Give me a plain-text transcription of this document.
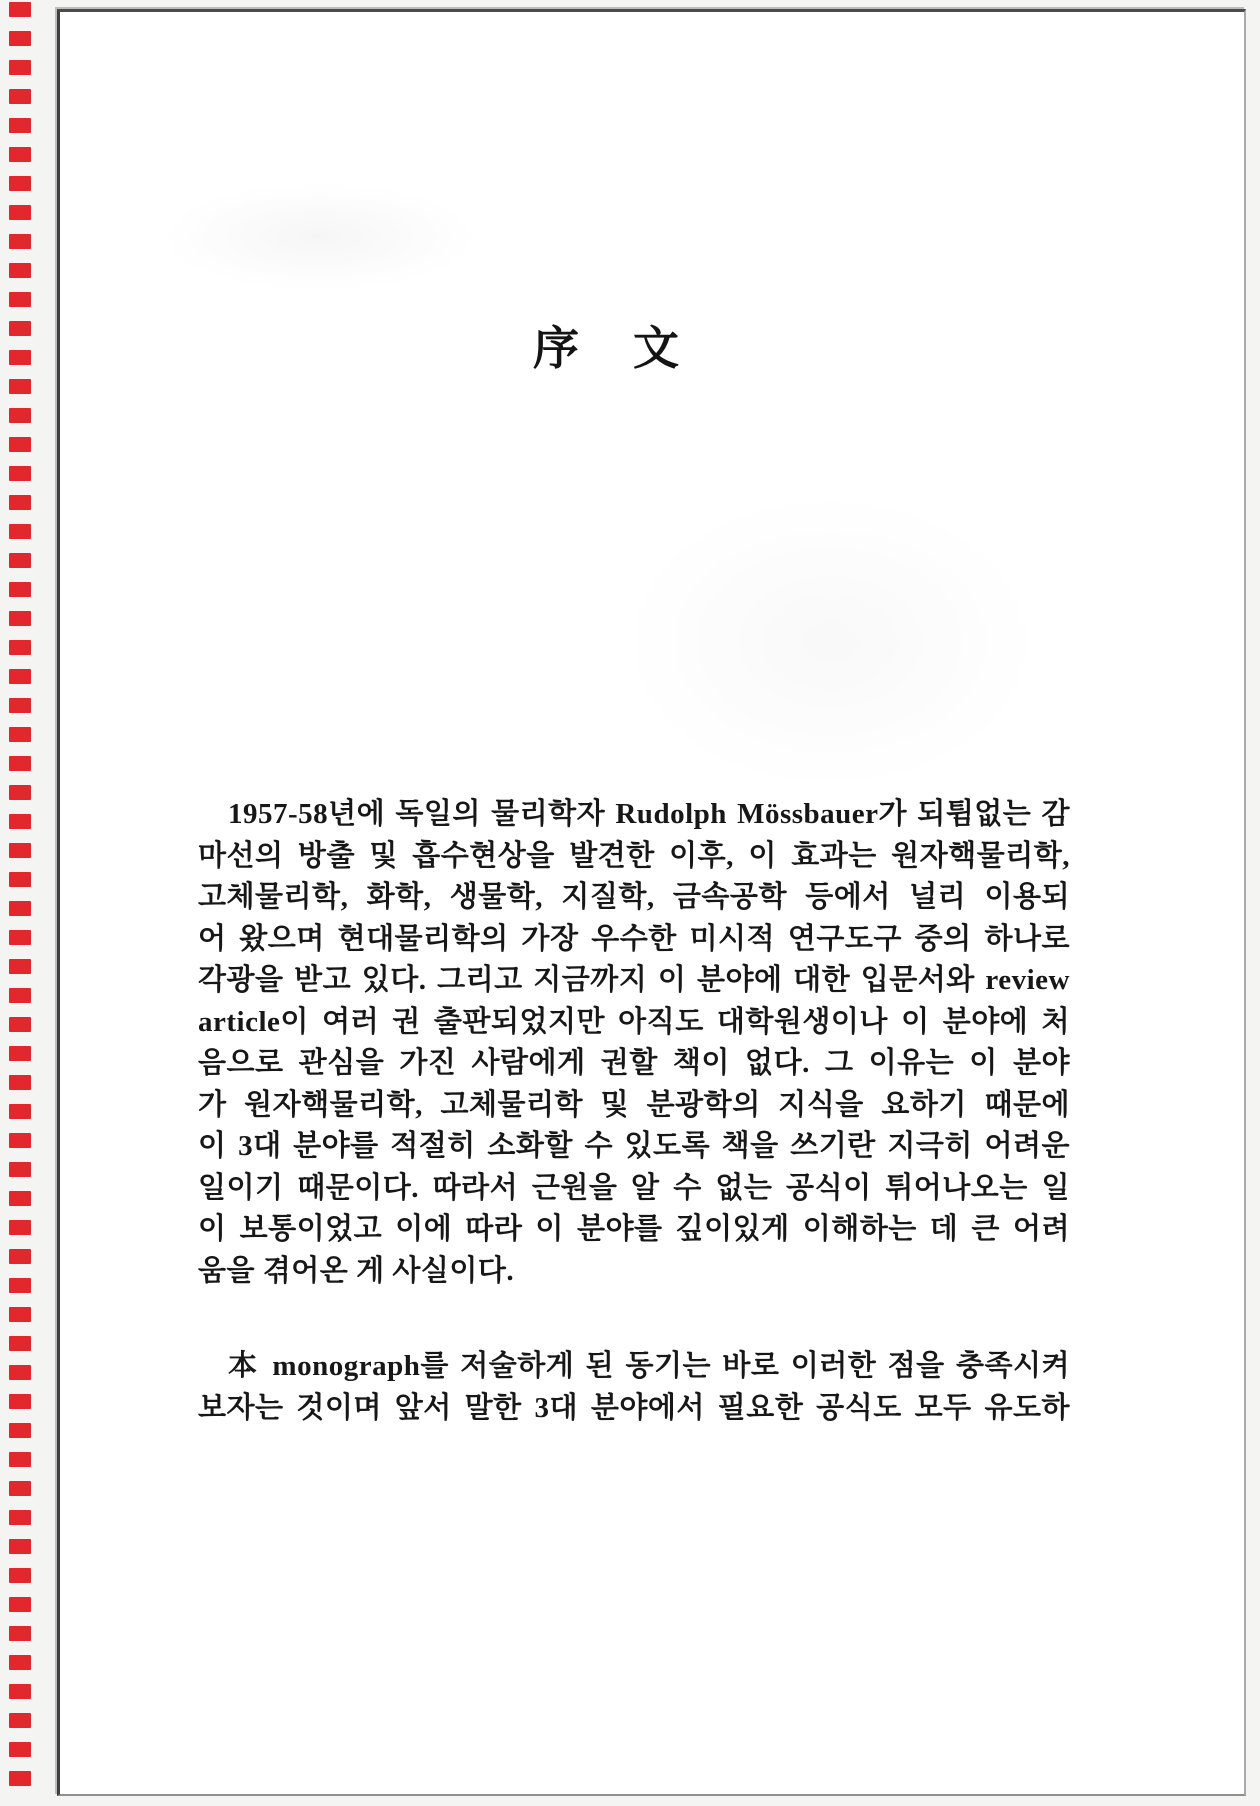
序　文
1957-58년에 독일의 물리학자 Rudolph Mössbauer가 되튐없는 감
마선의 방출 및 흡수현상을 발견한 이후, 이 효과는 원자핵물리학,
고체물리학, 화학, 생물학, 지질학, 금속공학 등에서 널리 이용되
어 왔으며 현대물리학의 가장 우수한 미시적 연구도구 중의 하나로
각광을 받고 있다. 그리고 지금까지 이 분야에 대한 입문서와 review
article이 여러 권 출판되었지만 아직도 대학원생이나 이 분야에 처
음으로 관심을 가진 사람에게 권할 책이 없다. 그 이유는 이 분야
가 원자핵물리학, 고체물리학 및 분광학의 지식을 요하기 때문에
이 3대 분야를 적절히 소화할 수 있도록 책을 쓰기란 지극히 어려운
일이기 때문이다. 따라서 근원을 알 수 없는 공식이 튀어나오는 일
이 보통이었고 이에 따라 이 분야를 깊이있게 이해하는 데 큰 어려
움을 겪어온 게 사실이다.
本 monograph를 저술하게 된 동기는 바로 이러한 점을 충족시켜
보자는 것이며 앞서 말한 3대 분야에서 필요한 공식도 모두 유도하
